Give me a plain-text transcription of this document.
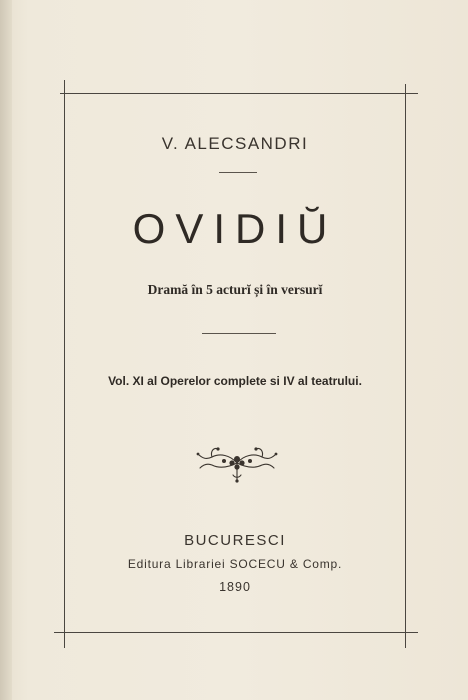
V. ALECSANDRI
OVIDIŬ
Dramă în 5 acturĭ și în versurĭ
Vol. XI al Operelor complete si IV al teatrului.
BUCURESCI
Editura Librariei SOCECU & Comp.
1890
